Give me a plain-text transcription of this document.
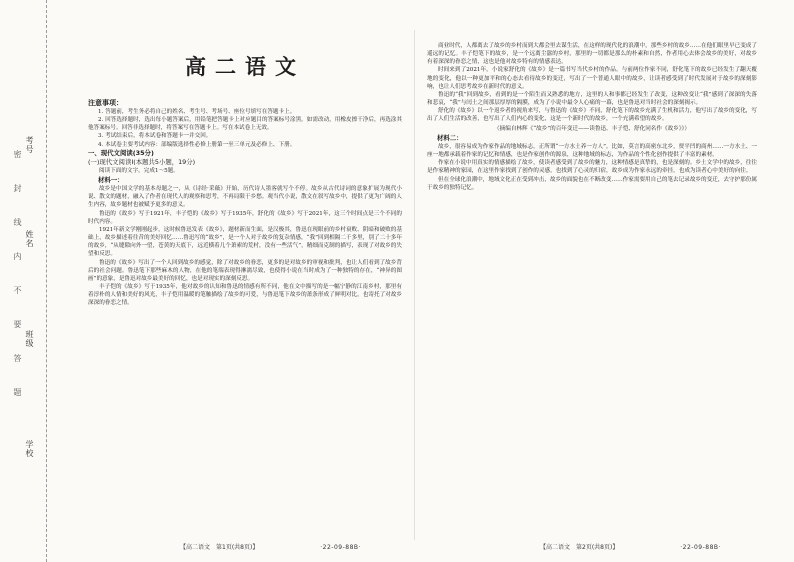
考号
姓名
班级
学校
密封线内不要答题
高二语文
注意事项：

1. 答题前，考生务必将自己的姓名、考生号、考场号、座位号填写在答题卡上。

2. 回答选择题时，选出每小题答案后，用铅笔把答题卡上对应题目的答案标号涂黑。如需改动，用橡皮擦干净后，再选涂其他答案标号。回答非选择题时，将答案写在答题卡上。写在本试卷上无效。

3. 考试结束后，将本试卷和答题卡一并交回。

4. 本试卷主要考试内容：部编版选择性必修上册第一至三单元及必修上、下册。

一、现代文阅读(35分)
(一)现代文阅读Ⅰ(本题共5小题，19分)

阅读下面的文字，完成1～5题。

材料一：

故乡是中国文学的基本母题之一，从《诗经·采薇》开始，历代诗人墨客就写个不停。故乡从古代诗词的意象扩展为现代小说、散文的题材，融入了作者在现代人的观察和思考，不再局限于乡愁。观当代小说，散文在叙写故乡中，提供了更为广阔的人生内容，故乡题材也被赋予更多的意义。

鲁迅的《故乡》写于1921年，丰子恺的《故乡》写于1935年，舒化的《故乡》写于2021年，这三个时间点是三个不同的时代内容。

1921年新文学刚刚起步，这时候鲁迅发表《故乡》，题材新而生面，是汉极其，鲁迅在现眼前的乡村衰败、阴暗和破败的基础上，故乡描述着往昔的美好回忆……鲁迅写的“故乡”，是一个人对于故乡的复杂情感，“我”回到相隔二千多里，别了二十多年的故乡，“从缝隙向外一望，苍黄的天底下，远近横着几个萧索的荒村，没有一些活气”，精细而克制的描写，表现了对故乡的失望和反思。

鲁迅的《故乡》写出了一个人回到故乡的感觉，除了对故乡的眷恋，更多的是对故乡的审视和批判，也让人们看到了故乡背后的社会问题。鲁迅笔下那些麻木的人物，在他的笔端表现得淋漓尽致，也使得小说在当时成为了一种独特的存在，“神异的图画”的意象，是鲁迅对故乡最美好的回忆，也是对现实的深刻反思。

丰子恺的《故乡》写于1935年，他对故乡的认知和鲁迅的情感有所不同，他在文中描写的是一幅宁静的江南乡村，那里有着淳朴的人情和美好的风光，丰子恺用温暖的笔触描绘了故乡的可爱，与鲁迅笔下故乡的萧条形成了鲜明对比，也寄托了对故乡深深的眷恋之情。

商业时代，人都离去了故乡的乡村而到大都会里去谋生活，在这样的现代化的浪潮中，那些乡村的故乡……在他们眼里早已变成了遥远的记忆。丰子恺笔下的故乡，是一个远离尘嚣的乡村，那里的一切都是那么的朴素和自然，作者用心去体会故乡的美好，对故乡有着深深的眷恋之情，这也是他对故乡特有的情感表达。

时间来到了2021年，小说家舒化的《故乡》是一篇书写当代乡村的作品。与前两位作家不同，舒化笔下的故乡已经发生了翻天覆地的变化，他以一种更加平和的心态去看待故乡的变迁，写出了一个普通人眼中的故乡，让读者感受到了时代发展对于故乡的深刻影响，也让人们思考故乡在新时代的意义。

鲁迅的“我”回到故乡，看到的是一个陌生而又熟悉的地方，这里的人和事都已经发生了改变，这种改变让“我”感到了深深的失落和悲哀，“我”与闰土之间那层厚厚的隔膜，成为了小说中最令人心痛的一幕，也是鲁迅对当时社会的深刻揭示。

舒化的《故乡》以一个返乡者的视角来写，与鲁迅的《故乡》不同，舒化笔下的故乡充满了生机和活力，他写出了故乡的变化，写出了人们生活的改善，也写出了人们内心的变化，这是一个新时代的故乡，一个充满希望的故乡。

（摘编自林辉《“故乡”的百年变迁——读鲁迅、丰子恺、舒化同名作《故乡》》）

材料二：

故乡，很容易成为作家作品的地域标志，正所谓“一方水土养一方人”。比如，莫言的高密东北乡，贾平凹的商州……一方水土、一座一地都承载着作家的记忆和情感，也是作家创作的源泉，这种地域的标志，为作品的个性化创作提供了丰富的素材。

作家在小说中用真实的情感描绘了故乡，使读者感受到了故乡的魅力，这种情感是真挚的，也是深刻的。乡土文学中的故乡，往往是作家精神的家园，在这里作家找到了创作的灵感，也找到了心灵的归宿，故乡成为作家永远的牵挂，也成为读者心中美好的向往。

但在全球化浪潮中，地域文化正在受到冲击，故乡的面貌也在不断改变……作家需要用自己的笔去记录故乡的变迁，去守护那份属于故乡的独特记忆。

【高二语文　第1页(共8页)】	·22-09-88B·	【高二语文　第2页(共8页)】	·22-09-88B·
